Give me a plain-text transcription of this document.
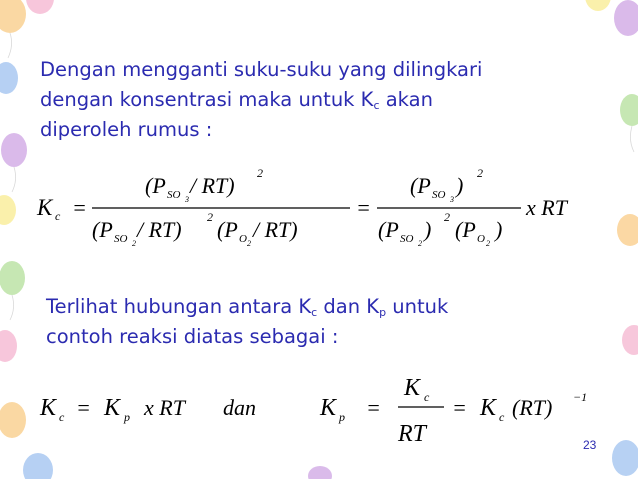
Dengan mengganti suku-suku yang dilingkari
dengan konsentrasi maka untuk $K_c$ akan
diperoleh rumus :
K c =
(P SO 3
/ RT) 2
(P SO 2
/ RT) 2 (P O 2
/ RT)
=
(P SO 3
) 2
(P SO 2
) 2 (P O 2
)
x RT
Terlihat hubungan antara $K_c$ dan $K_p$ untuk
contoh reaksi diatas sebagai :
K c = K p x RT dan	K p =
K c
RT
= K c (RT) −1
23
